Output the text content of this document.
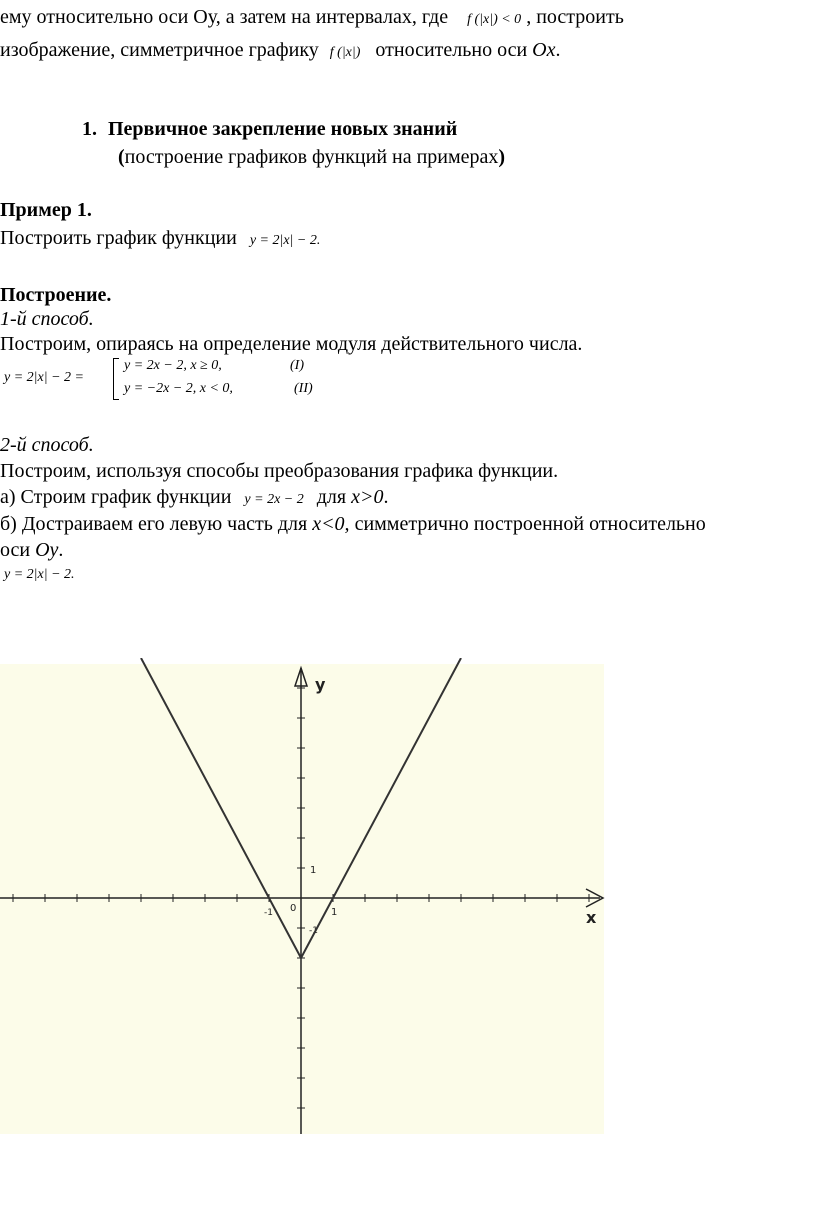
ему относительно оси Оу, а затем на интервалах, где f (|x|) < 0 , построить
изображение, симметричное графику f (|x|) относительно оси Ox.
1. Первичное закрепление новых знаний
(построение графиков функций на примерах)
Пример 1.
Построить график функции y = 2|x| − 2.
Построение.
1-й способ.
Построим, опираясь на определение модуля действительного числа.
y = 2|x| − 2 =
y = 2x − 2, x ≥ 0,	(I)
y = −2x − 2, x < 0,	(II)
2-й способ.
Построим, используя способы преобразования графика функции.
а) Строим график функции y = 2x − 2 для x>0.
б) Достраиваем его левую часть для x<0, симметрично построенной относительно
оси Oy.
y = 2|x| − 2.
x
y
-1	1
1
-1
0
